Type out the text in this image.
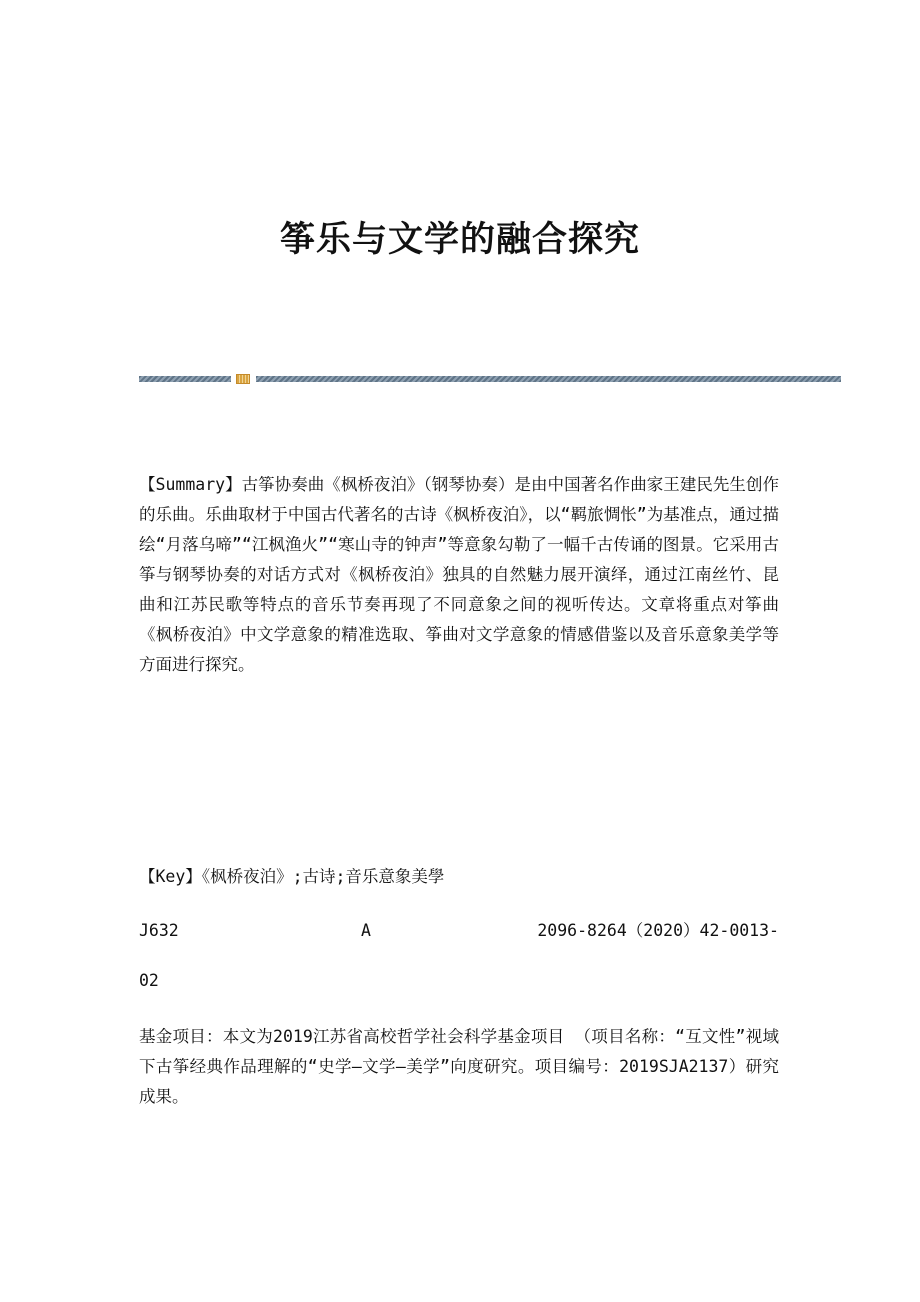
筝乐与文学的融合探究

【Summary】古筝协奏曲《枫桥夜泊》（钢琴协奏）是由中国著名作曲家王建民先生创作的乐曲。乐曲取材于中国古代著名的古诗《枫桥夜泊》，以“羁旅惆怅”为基准点，通过描绘“月落乌啼”“江枫渔火”“寒山寺的钟声”等意象勾勒了一幅千古传诵的图景。它采用古筝与钢琴协奏的对话方式对《枫桥夜泊》独具的自然魅力展开演绎，通过江南丝竹、昆曲和江苏民歌等特点的音乐节奏再现了不同意象之间的视听传达。文章将重点对筝曲《枫桥夜泊》中文学意象的精准选取、筝曲对文学意象的情感借鉴以及音乐意象美学等方面进行探究。

【Key】《枫桥夜泊》;古诗;音乐意象美學

J632	A	2096-8264（2020）42-0013-
02

基金项目：本文为2019江苏省高校哲学社会科学基金项目 （项目名称：“互文性”视域下古筝经典作品理解的“史学—文学—美学”向度研究。项目编号：2019SJA2137）研究成果。
